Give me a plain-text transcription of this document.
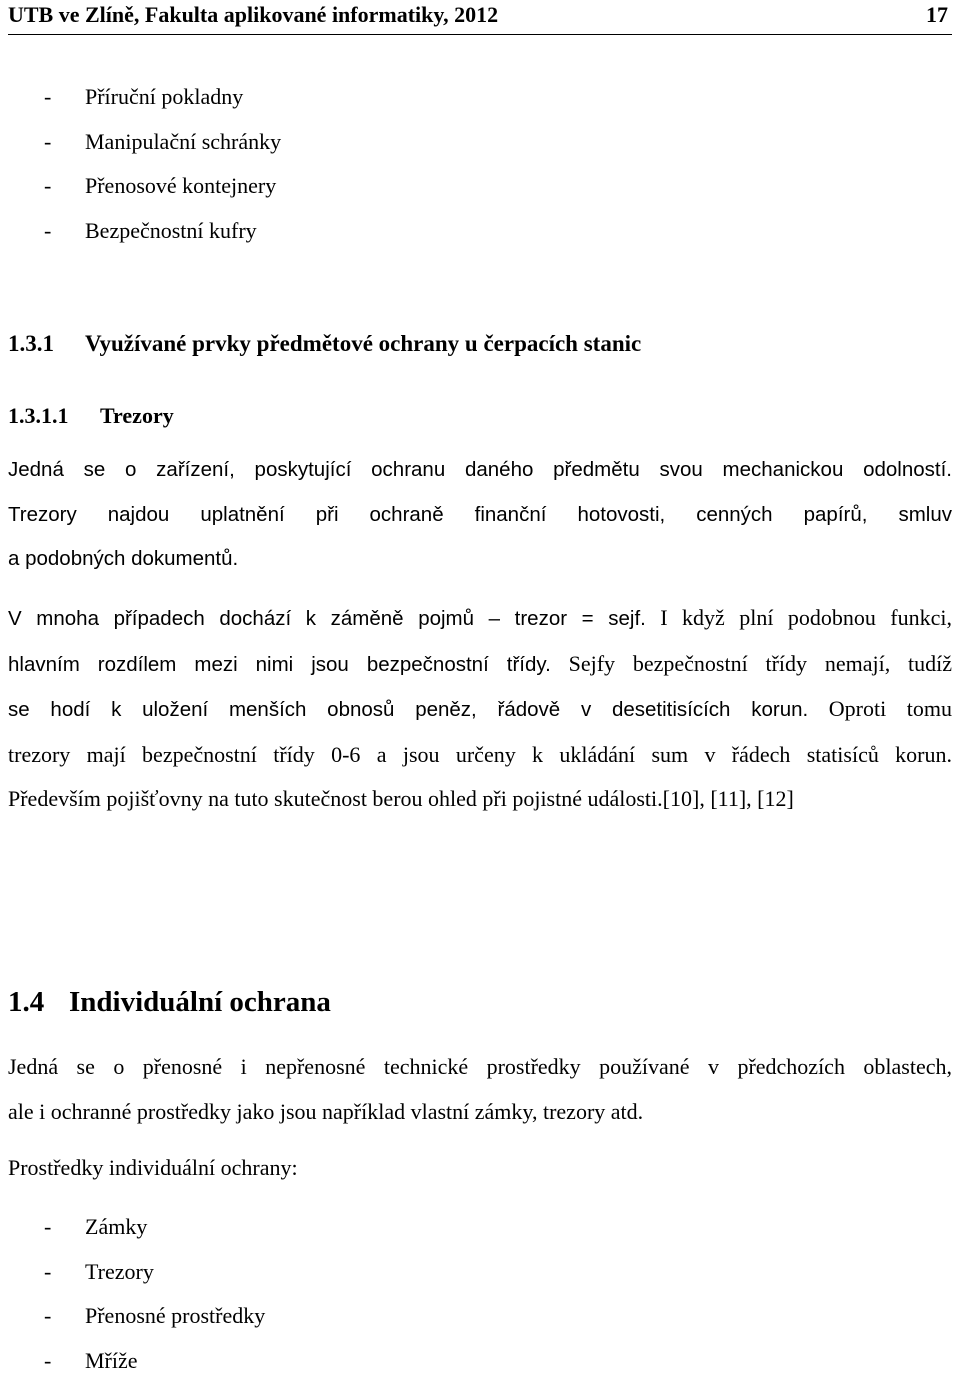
UTB ve Zlíně, Fakulta aplikované informatiky, 2012	17
- Příruční pokladny
- Manipulační schránky
- Přenosové kontejnery
- Bezpečnostní kufry
1.3.1 Využívané prvky předmětové ochrany u čerpacích stanic
1.3.1.1 Trezory

Jedná se o zařízení, poskytující ochranu daného předmětu svou mechanickou odolností.
Trezory najdou uplatnění při ochraně finanční hotovosti, cenných papírů, smluv
a podobných dokumentů.

V mnoha případech dochází k záměně pojmů – trezor = sejf. I když plní podobnou funkci,
hlavním rozdílem mezi nimi jsou bezpečnostní třídy. Sejfy bezpečnostní třídy nemají, tudíž
se hodí k uložení menších obnosů peněz, řádově v desetitisících korun. Oproti tomu
trezory mají bezpečnostní třídy 0-6 a jsou určeny k ukládání sum v řádech statisíců korun.
Především pojišťovny na tuto skutečnost berou ohled při pojistné události.[10], [11], [12]

1.4 Individuální ochrana

Jedná se o přenosné i nepřenosné technické prostředky používané v předchozích oblastech,
ale i ochranné prostředky jako jsou například vlastní zámky, trezory atd.

Prostředky individuální ochrany:

- Zámky
- Trezory
- Přenosné prostředky
- Mříže
